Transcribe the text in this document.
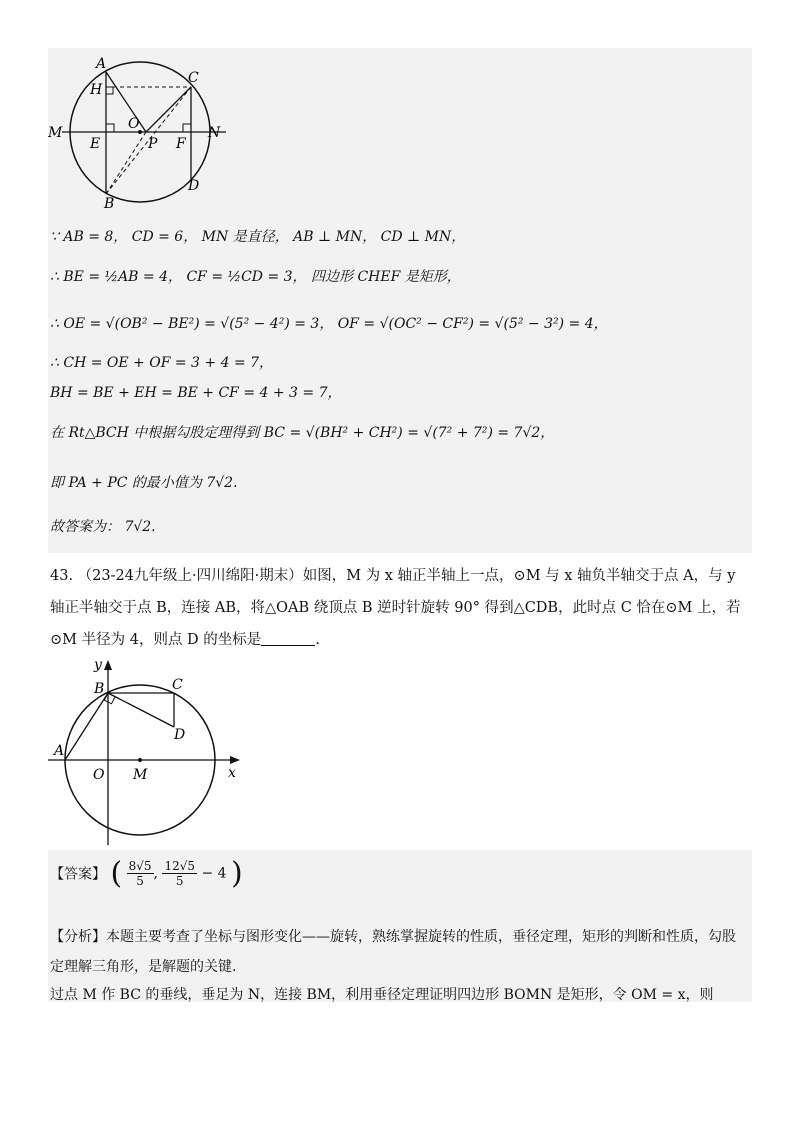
A
H
C
M
E
O
P F
N
D
B
∵ AB = 8， CD = 6， MN 是直径， AB ⊥ MN， CD ⊥ MN，
∴ BE = ½AB = 4， CF = ½CD = 3， 四边形 CHEF 是矩形，
∴ OE = √(OB² − BE²) = √(5² − 4²) = 3， OF = √(OC² − CF²) = √(5² − 3²) = 4，
∴ CH = OE + OF = 3 + 4 = 7，
BH = BE + EH = BE + CF = 4 + 3 = 7，
在 Rt△BCH 中根据勾股定理得到 BC = √(BH² + CH²) = √(7² + 7²) = 7√2，
即 PA + PC 的最小值为 7√2.
故答案为： 7√2.
43. （23-24九年级上·四川绵阳·期末）如图，M 为 x 轴正半轴上一点，⊙M 与 x 轴负半轴交于点 A，与 y 轴正半轴交于点 B，连接 AB，将△OAB 绕顶点 B 逆时针旋转 90° 得到△CDB，此时点 C 恰在⊙M 上，若⊙M 半径为 4，则点 D 的坐标是	.
y
B	C
D
A
O M	x
【答案】 ( $\frac{8√5}{5}$ , $\frac{12√5}{5} - 4$ )
【分析】本题主要考查了坐标与图形变化——旋转，熟练掌握旋转的性质，垂径定理，矩形的判断和性质，勾股
定理解三角形，是解题的关键.
过点 M 作 BC 的垂线，垂足为 N，连接 BM，利用垂径定理证明四边形 BOMN 是矩形，令 OM = x，则
